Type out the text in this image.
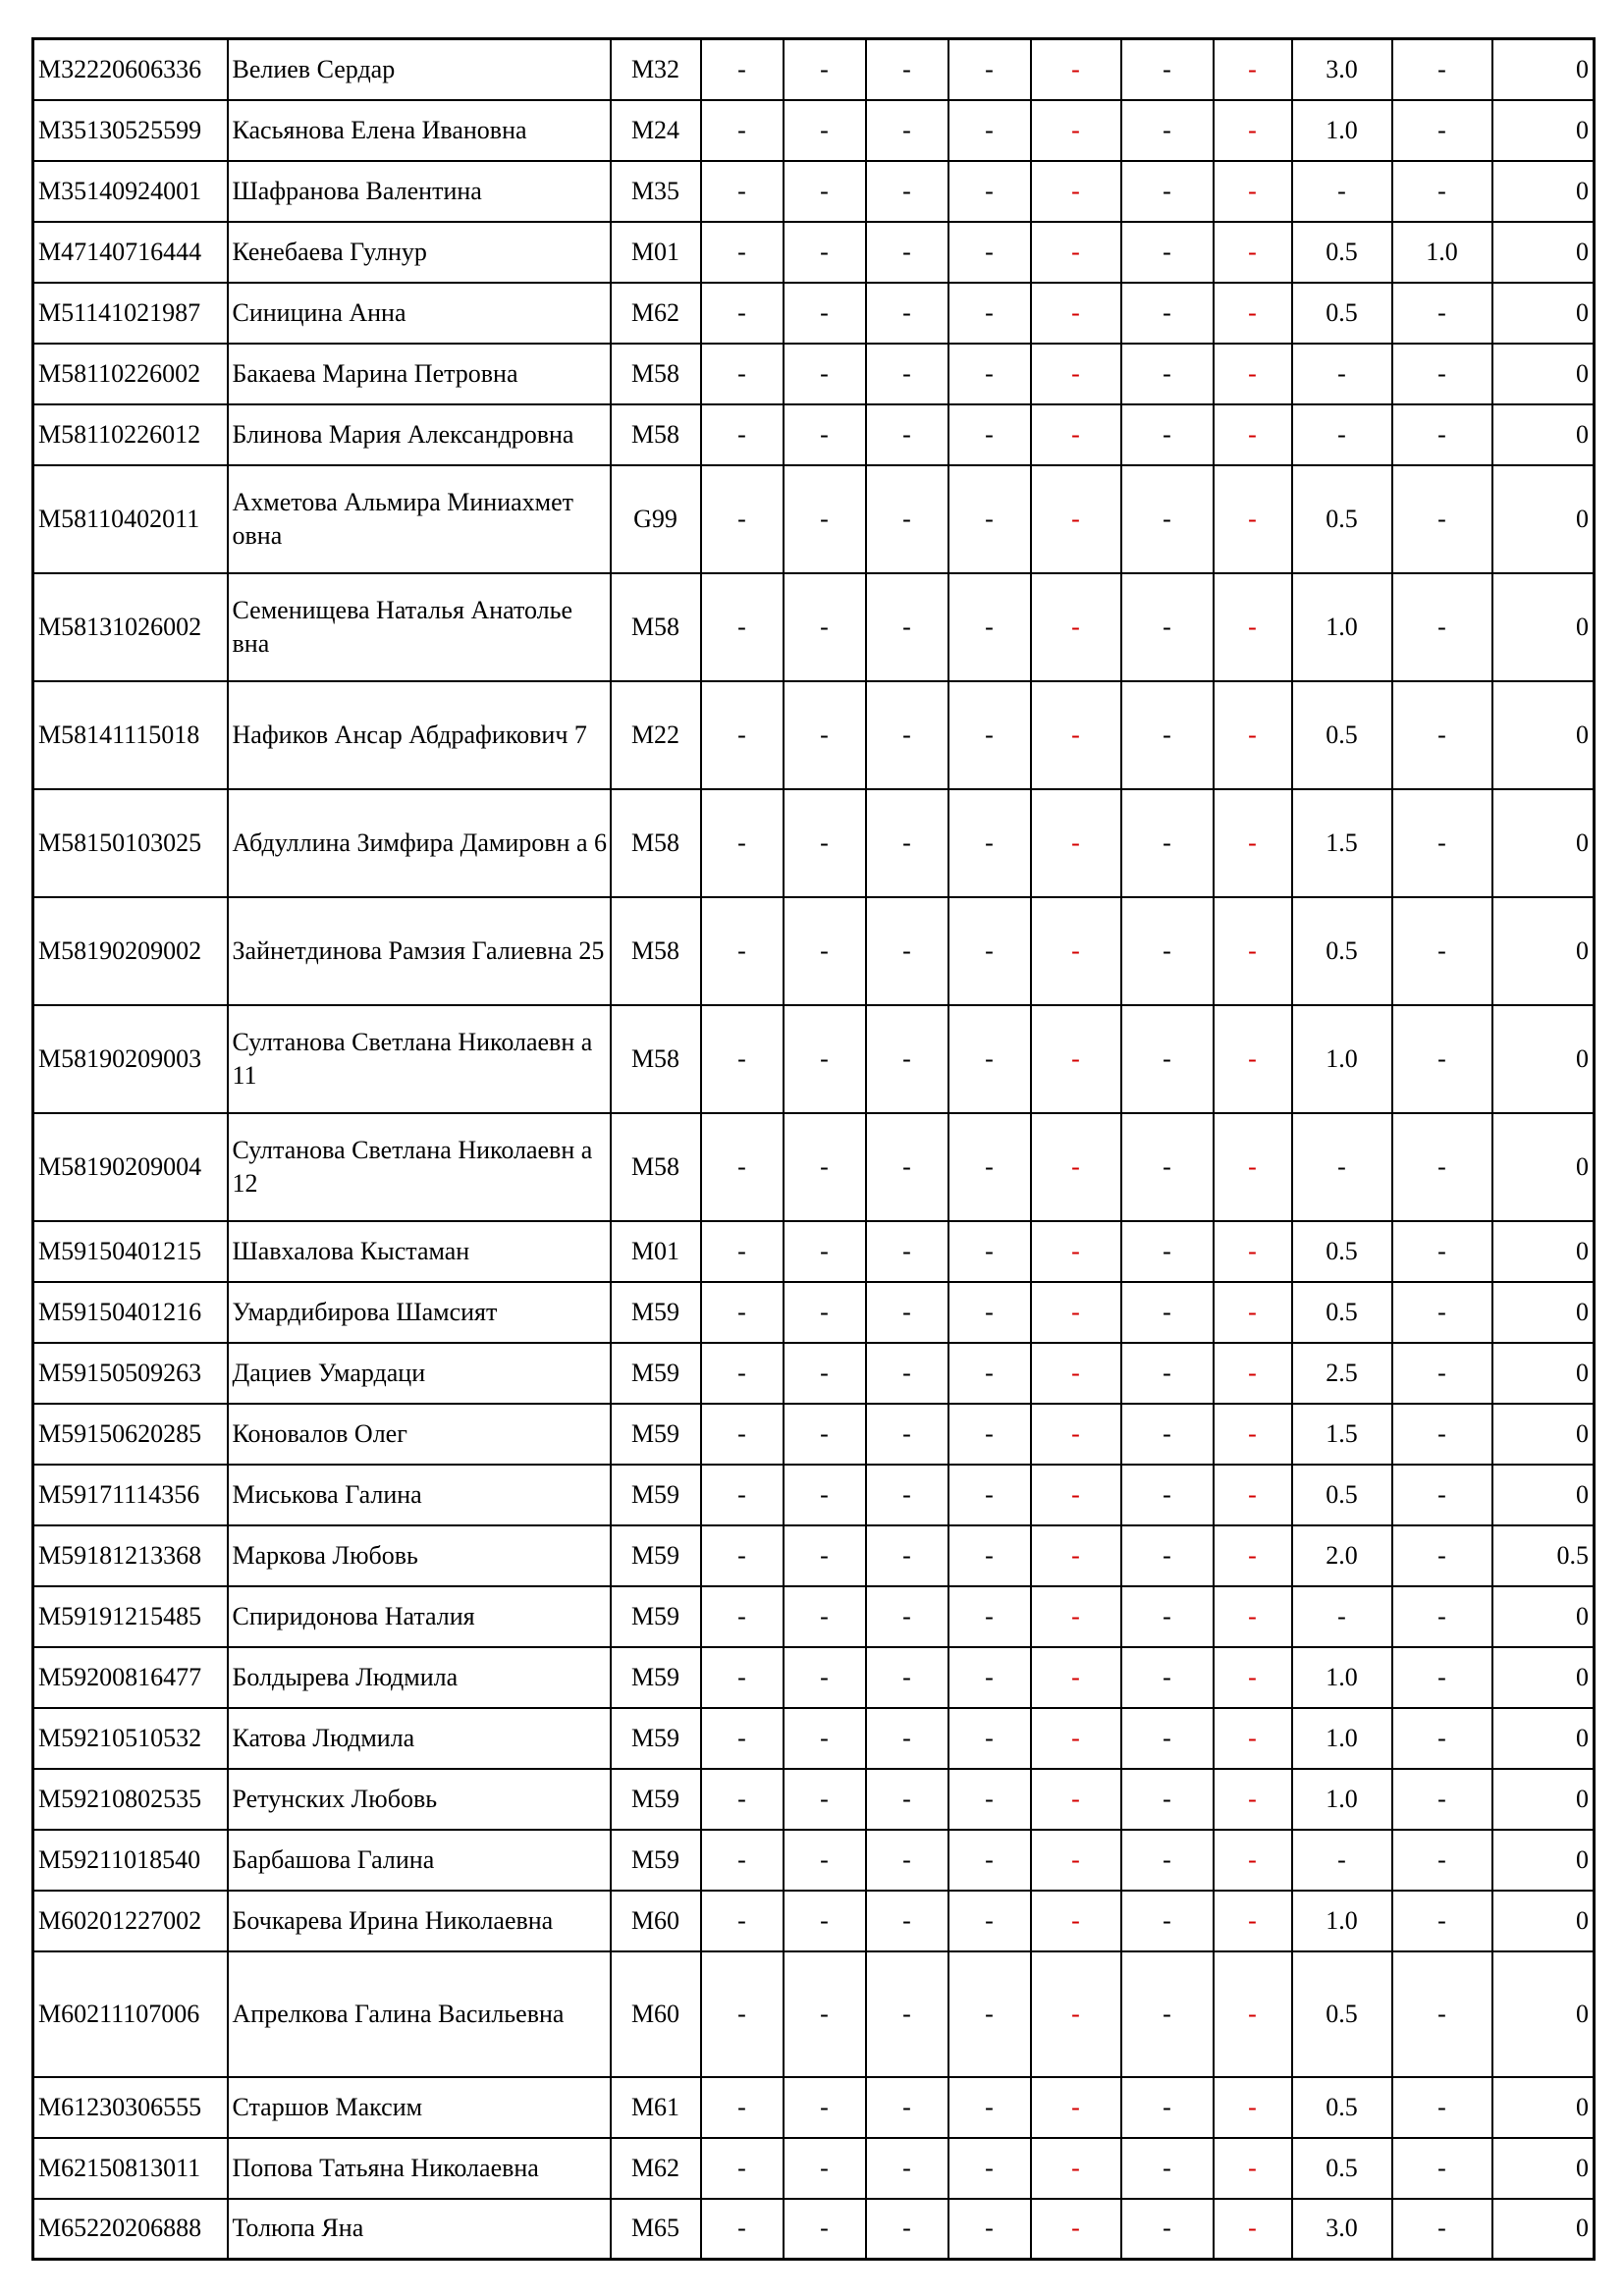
M32220606336	Велиев Сердар	M32	-	-	-	-	-	-	-	3.0	-	0
M35130525599	Касьянова Елена Ивановна	M24	-	-	-	-	-	-	-	1.0	-	0
M35140924001	Шафранова Валентина	M35	-	-	-	-	-	-	-	-	-	0
M47140716444	Кенебаева Гулнур	M01	-	-	-	-	-	-	-	0.5	1.0	0
M51141021987	Синицина Анна	M62	-	-	-	-	-	-	-	0.5	-	0
M58110226002	Бакаева Марина Петровна	M58	-	-	-	-	-	-	-	-	-	0
M58110226012	Блинова Мария Александровна	M58	-	-	-	-	-	-	-	-	-	0
M58110402011	Ахметова Альмира Миниахмет овна	G99	-	-	-	-	-	-	-	0.5	-	0
M58131026002	Семенищева Наталья Анатолье вна	M58	-	-	-	-	-	-	-	1.0	-	0
M58141115018	Нафиков Ансар Абдрафикович 7	M22	-	-	-	-	-	-	-	0.5	-	0
M58150103025	Абдуллина Зимфира Дамировн а 6	M58	-	-	-	-	-	-	-	1.5	-	0
M58190209002	Зайнетдинова Рамзия Галиевна 25	M58	-	-	-	-	-	-	-	0.5	-	0
M58190209003	Султанова Светлана Николаевн а 11	M58	-	-	-	-	-	-	-	1.0	-	0
M58190209004	Султанова Светлана Николаевн а 12	M58	-	-	-	-	-	-	-	-	-	0
M59150401215	Шавхалова Кыстаман	M01	-	-	-	-	-	-	-	0.5	-	0
M59150401216	Умардибирова Шамсият	M59	-	-	-	-	-	-	-	0.5	-	0
M59150509263	Дациев Умардаци	M59	-	-	-	-	-	-	-	2.5	-	0
M59150620285	Коновалов Олег	M59	-	-	-	-	-	-	-	1.5	-	0
M59171114356	Миськова Галина	M59	-	-	-	-	-	-	-	0.5	-	0
M59181213368	Маркова Любовь	M59	-	-	-	-	-	-	-	2.0	-	0.5
M59191215485	Спиридонова Наталия	M59	-	-	-	-	-	-	-	-	-	0
M59200816477	Болдырева Людмила	M59	-	-	-	-	-	-	-	1.0	-	0
M59210510532	Катова Людмила	M59	-	-	-	-	-	-	-	1.0	-	0
M59210802535	Ретунских Любовь	M59	-	-	-	-	-	-	-	1.0	-	0
M59211018540	Барбашова Галина	M59	-	-	-	-	-	-	-	-	-	0
M60201227002	Бочкарева Ирина Николаевна	M60	-	-	-	-	-	-	-	1.0	-	0
M60211107006	Апрелкова Галина Васильевна	M60	-	-	-	-	-	-	-	0.5	-	0
M61230306555	Старшов Максим	M61	-	-	-	-	-	-	-	0.5	-	0
M62150813011	Попова Татьяна Николаевна	M62	-	-	-	-	-	-	-	0.5	-	0
M65220206888	Толюпа Яна	M65	-	-	-	-	-	-	-	3.0	-	0
